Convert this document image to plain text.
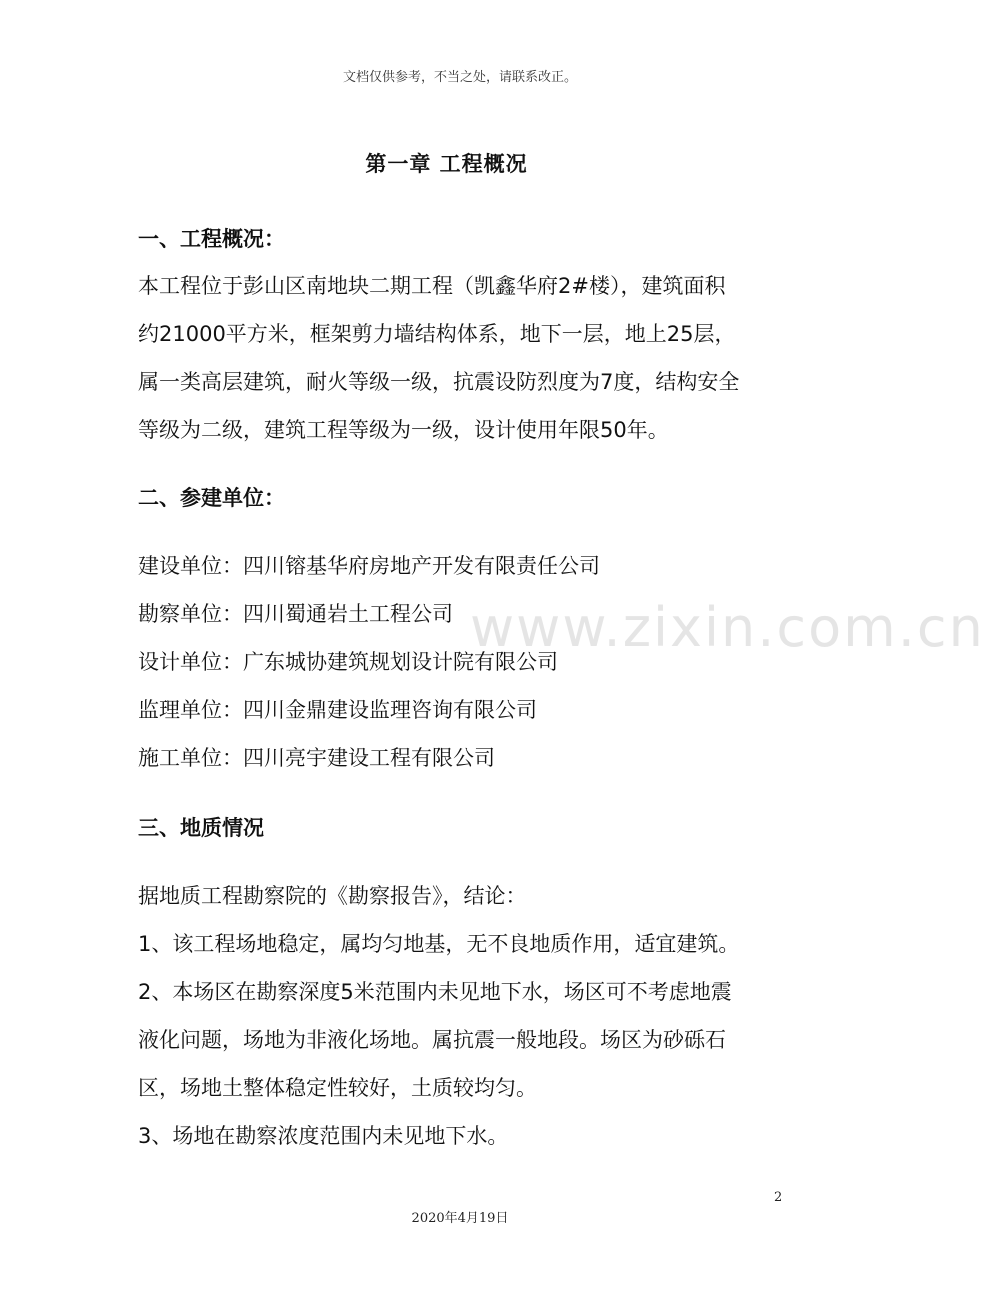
文档仅供参考，不当之处，请联系改正。
第一章 工程概况
一、工程概况：
本工程位于彭山区南地块二期工程（凯鑫华府2#楼），建筑面积
约21000平方米，框架剪力墙结构体系，地下一层，地上25层，
属一类高层建筑，耐火等级一级，抗震设防烈度为7度，结构安全
等级为二级，建筑工程等级为一级，设计使用年限50年。
二、参建单位：
建设单位：四川镕基华府房地产开发有限责任公司
勘察单位：四川蜀通岩土工程公司
设计单位：广东城协建筑规划设计院有限公司
监理单位：四川金鼎建设监理咨询有限公司
施工单位：四川亮宇建设工程有限公司
三、地质情况
据地质工程勘察院的《勘察报告》，结论：
1、该工程场地稳定，属均匀地基，无不良地质作用，适宜建筑。
2、本场区在勘察深度5米范围内未见地下水，场区可不考虑地震
液化问题，场地为非液化场地。属抗震一般地段。场区为砂砾石
区，场地土整体稳定性较好，土质较均匀。
3、场地在勘察浓度范围内未见地下水。
www.zixin.com.cn
2
2020年4月19日
